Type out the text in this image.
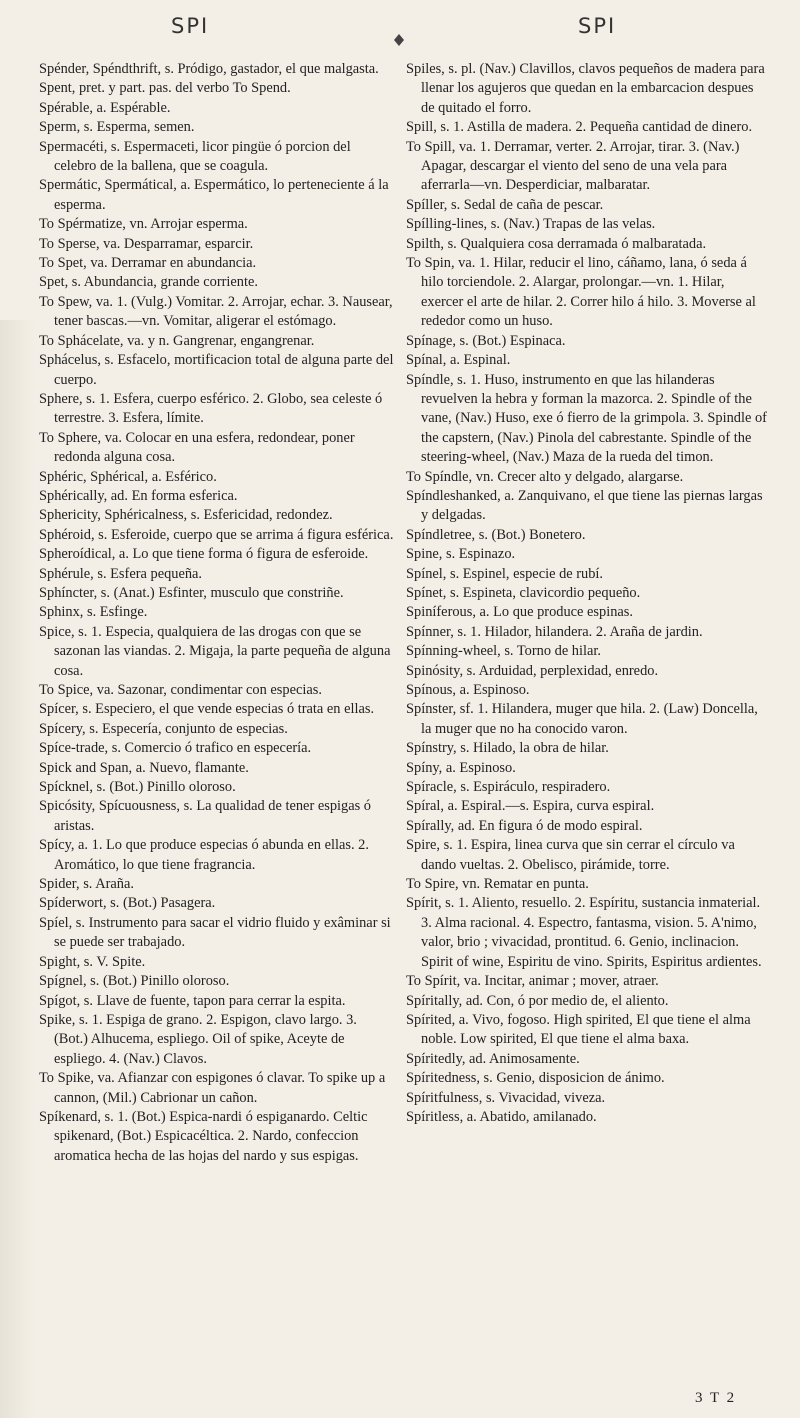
SPI	SPI

Spénder, Spéndthrift, s. Pródigo, gastador, el que malgasta.

Spent, pret. y part. pas. del verbo To Spend.

Spérable, a. Espérable.

Sperm, s. Esperma, semen.

Spermacéti, s. Espermaceti, licor pingüe ó porcion del celebro de la ballena, que se coagula.

Spermátic, Spermátical, a. Espermático, lo perteneciente á la esperma.

To Spérmatize, vn. Arrojar esperma.

To Sperse, va. Desparramar, esparcir.

To Spet, va. Derramar en abundancia.

Spet, s. Abundancia, grande corriente.

To Spew, va. 1. (Vulg.) Vomitar. 2. Arrojar, echar. 3. Nausear, tener bascas.—vn. Vomitar, aligerar el estómago.

To Sphácelate, va. y n. Gangrenar, engangrenar.

Sphácelus, s. Esfacelo, mortificacion total de alguna parte del cuerpo.

Sphere, s. 1. Esfera, cuerpo esférico. 2. Globo, sea celeste ó terrestre. 3. Esfera, límite.

To Sphere, va. Colocar en una esfera, redondear, poner redonda alguna cosa.

Sphéric, Sphérical, a. Esférico.

Sphérically, ad. En forma esferica.

Sphericity, Sphéricalness, s. Esfericidad, redondez.

Sphéroid, s. Esferoide, cuerpo que se arrima á figura esférica.

Spheroídical, a. Lo que tiene forma ó figura de esferoide.

Sphérule, s. Esfera pequeña.

Sphíncter, s. (Anat.) Esfinter, musculo que constriñe.

Sphinx, s. Esfinge.

Spice, s. 1. Especia, qualquiera de las drogas con que se sazonan las viandas. 2. Migaja, la parte pequeña de alguna cosa.

To Spice, va. Sazonar, condimentar con especias.

Spícer, s. Especiero, el que vende especias ó trata en ellas.

Spícery, s. Especería, conjunto de especias.

Spíce-trade, s. Comercio ó trafico en especería.

Spick and Span, a. Nuevo, flamante.

Spícknel, s. (Bot.) Pinillo oloroso.

Spicósity, Spícuousness, s. La qualidad de tener espigas ó aristas.

Spícy, a. 1. Lo que produce especias ó abunda en ellas. 2. Aromático, lo que tiene fragrancia.

Spider, s. Araña.

Spíderwort, s. (Bot.) Pasagera.

Spíel, s. Instrumento para sacar el vidrio fluido y exâminar si se puede ser trabajado.

Spight, s. V. Spite.

Spígnel, s. (Bot.) Pinillo oloroso.

Spígot, s. Llave de fuente, tapon para cerrar la espita.

Spike, s. 1. Espiga de grano. 2. Espigon, clavo largo. 3. (Bot.) Alhucema, espliego. Oil of spike, Aceyte de espliego. 4. (Nav.) Clavos.

To Spike, va. Afianzar con espigones ó clavar. To spike up a cannon, (Mil.) Cabrionar un cañon.

Spíkenard, s. 1. (Bot.) Espica-nardi ó espiganardo. Celtic spikenard, (Bot.) Espicacéltica. 2. Nardo, confeccion aromatica hecha de las hojas del nardo y sus espigas.

Spiles, s. pl. (Nav.) Clavillos, clavos pequeños de madera para llenar los agujeros que quedan en la embarcacion despues de quitado el forro.

Spill, s. 1. Astilla de madera. 2. Pequeña cantidad de dinero.

To Spill, va. 1. Derramar, verter. 2. Arrojar, tirar. 3. (Nav.) Apagar, descargar el viento del seno de una vela para aferrarla—vn. Desperdiciar, malbaratar.

Spíller, s. Sedal de caña de pescar.

Spílling-lines, s. (Nav.) Trapas de las velas.

Spilth, s. Qualquiera cosa derramada ó malbaratada.

To Spin, va. 1. Hilar, reducir el lino, cáñamo, lana, ó seda á hilo torciendole. 2. Alargar, prolongar.—vn. 1. Hilar, exercer el arte de hilar. 2. Correr hilo á hilo. 3. Moverse al rededor como un huso.

Spínage, s. (Bot.) Espinaca.

Spínal, a. Espinal.

Spíndle, s. 1. Huso, instrumento en que las hilanderas revuelven la hebra y forman la mazorca. 2. Spindle of the vane, (Nav.) Huso, exe ó fierro de la grimpola. 3. Spindle of the capstern, (Nav.) Pinola del cabrestante. Spindle of the steering-wheel, (Nav.) Maza de la rueda del timon.

To Spíndle, vn. Crecer alto y delgado, alargarse.

Spíndleshanked, a. Zanquivano, el que tiene las piernas largas y delgadas.

Spíndletree, s. (Bot.) Bonetero.

Spine, s. Espinazo.

Spínel, s. Espinel, especie de rubí.

Spínet, s. Espineta, clavicordio pequeño.

Spiníferous, a. Lo que produce espinas.

Spínner, s. 1. Hilador, hilandera. 2. Araña de jardin.

Spínning-wheel, s. Torno de hilar.

Spinósity, s. Arduidad, perplexidad, enredo.

Spínous, a. Espinoso.

Spínster, sf. 1. Hilandera, muger que hila. 2. (Law) Doncella, la muger que no ha conocido varon.

Spínstry, s. Hilado, la obra de hilar.

Spíny, a. Espinoso.

Spíracle, s. Espiráculo, respiradero.

Spíral, a. Espiral.—s. Espira, curva espiral.

Spírally, ad. En figura ó de modo espiral.

Spire, s. 1. Espira, linea curva que sin cerrar el círculo va dando vueltas. 2. Obelisco, pirámide, torre.

To Spire, vn. Rematar en punta.

Spírit, s. 1. Aliento, resuello. 2. Espíritu, sustancia inmaterial. 3. Alma racional. 4. Espectro, fantasma, vision. 5. A'nimo, valor, brio ; vivacidad, prontitud. 6. Genio, inclinacion. Spirit of wine, Espiritu de vino. Spirits, Espiritus ardientes.

To Spírit, va. Incitar, animar ; mover, atraer.

Spíritally, ad. Con, ó por medio de, el aliento.

Spírited, a. Vivo, fogoso. High spirited, El que tiene el alma noble. Low spirited, El que tiene el alma baxa.

Spíritedly, ad. Animosamente.

Spíritedness, s. Genio, disposicion de ánimo.

Spíritfulness, s. Vivacidad, viveza.

Spíritless, a. Abatido, amilanado.

3 T 2
